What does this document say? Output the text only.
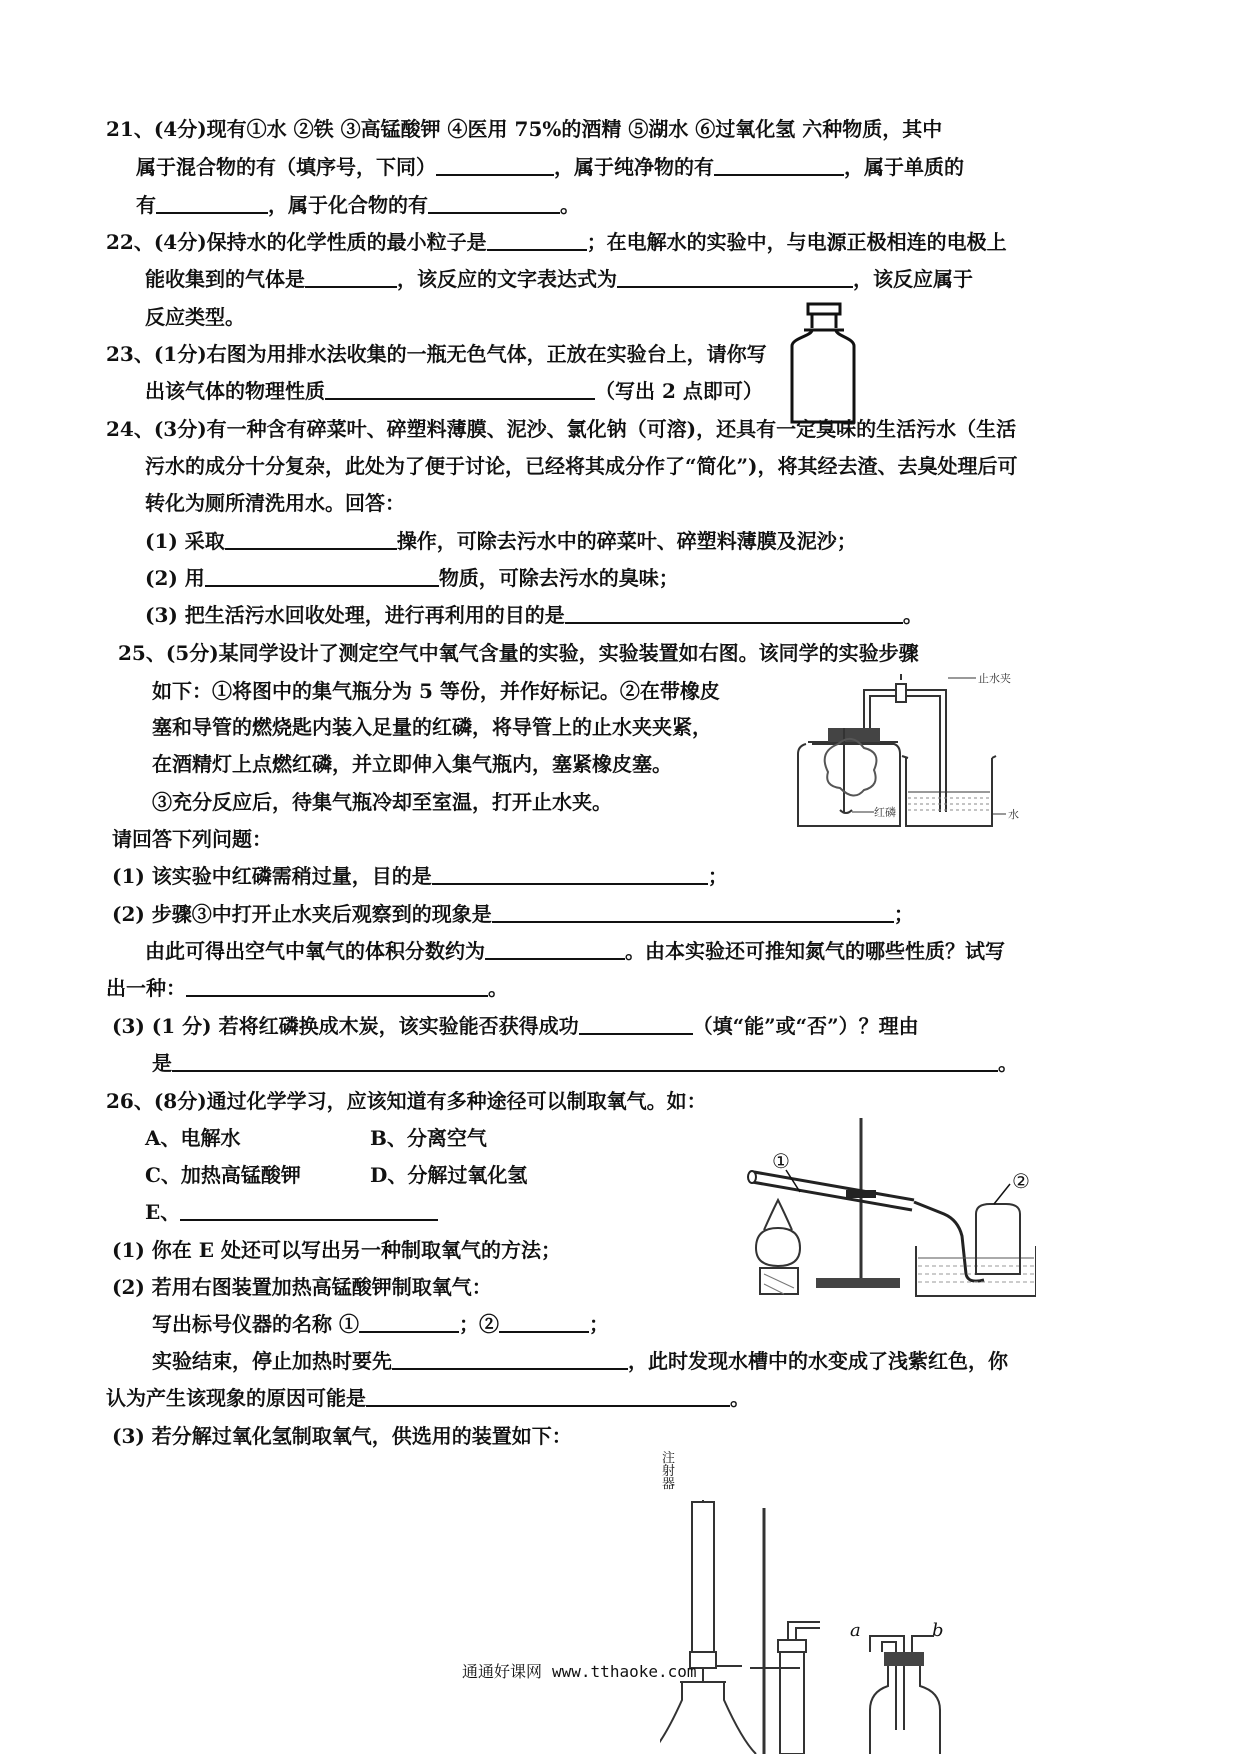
21、(4分)现有①水 ②铁 ③高锰酸钾 ④医用 75%的酒精 ⑤湖水 ⑥过氧化氢 六种物质，其中
属于混合物的有（填序号，下同）	，属于纯净物的有	，属于单质的
有	，属于化合物的有	。
22、(4分)保持水的化学性质的最小粒子是	；在电解水的实验中，与电源正极相连的电极上
能收集到的气体是	，该反应的文字表达式为	，该反应属于
反应类型。
23、(1分)右图为用排水法收集的一瓶无色气体，正放在实验台上，请你写
出该气体的物理性质	（写出 2 点即可）
24、(3分)有一种含有碎菜叶、碎塑料薄膜、泥沙、氯化钠（可溶)，还具有一定臭味的生活污水（生活
污水的成分十分复杂，此处为了便于讨论，已经将其成分作了“简化”)，将其经去渣、去臭处理后可
转化为厕所清洗用水。回答：
(1) 采取	操作，可除去污水中的碎菜叶、碎塑料薄膜及泥沙；
(2) 用	物质，可除去污水的臭味；
(3) 把生活污水回收处理，进行再利用的目的是	。
25、(5分)某同学设计了测定空气中氧气含量的实验，实验装置如右图。该同学的实验步骤
如下：①将图中的集气瓶分为 5 等份，并作好标记。②在带橡皮
塞和导管的燃烧匙内装入足量的红磷，将导管上的止水夹夹紧，
在酒精灯上点燃红磷，并立即伸入集气瓶内，塞紧橡皮塞。
③充分反应后，待集气瓶冷却至室温，打开止水夹。
请回答下列问题：
(1) 该实验中红磷需稍过量，目的是	；
(2) 步骤③中打开止水夹后观察到的现象是	；
由此可得出空气中氧气的体积分数约为	。由本实验还可推知氮气的哪些性质？试写
出一种：	。
(3) (1 分) 若将红磷换成木炭，该实验能否获得成功	（填“能”或“否”）？理由
是	。
止水夹
水
红磷
26、(8分)通过化学学习，应该知道有多种途径可以制取氧气。如：
A、电解水	B、分离空气
C、加热高锰酸钾	D、分解过氧化氢
E、
(1) 你在 E 处还可以写出另一种制取氧气的方法；
(2) 若用右图装置加热高锰酸钾制取氧气：
写出标号仪器的名称 ①	；②	；
实验结束，停止加热时要先	，此时发现水槽中的水变成了浅紫红色，你
认为产生该现象的原因可能是	。
(3) 若分解过氧化氢制取氧气，供选用的装置如下：
①
②
注射器
a	b
通通好课网 www.tthaoke.com
